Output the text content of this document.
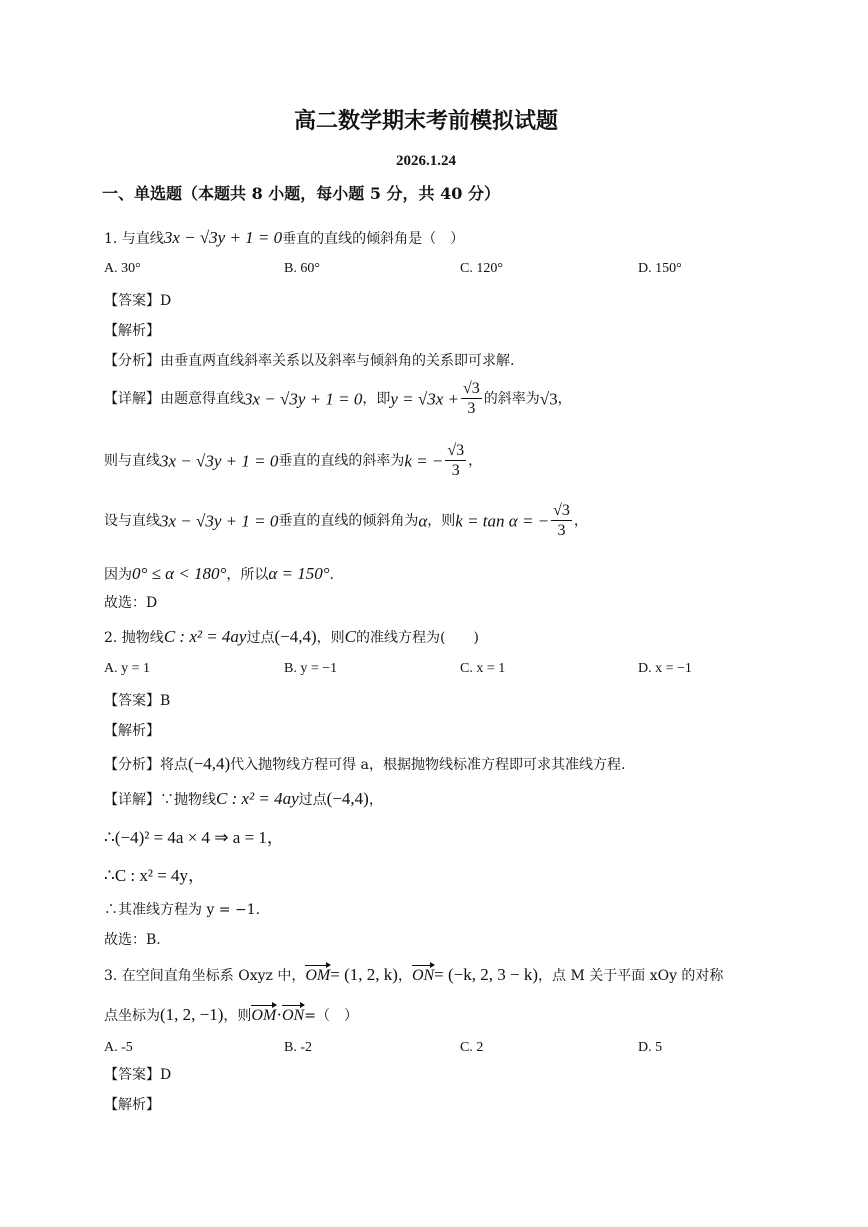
高二数学期末考前模拟试题
2026.1.24
一、单选题（本题共 8 小题，每小题 5 分，共 40 分）
1. 与直线3x − √3y + 1 = 0垂直的直线的倾斜角是（　）
A. 30°	B. 60°	C. 120°	D. 150°
【答案】D
【解析】
【分析】由垂直两直线斜率关系以及斜率与倾斜角的关系即可求解.
【详解】由题意得直线3x − √3y + 1 = 0，即$y = √3x + \frac{√3}{3}$ 的斜率为√3，
则与直线3x − √3y + 1 = 0垂直的直线的斜率为k = − $\frac{√3}{3}$ ，
设与直线3x − √3y + 1 = 0垂直的直线的倾斜角为α，则k = tan α = − $\frac{√3}{3}$ ，
因为0° ≤ α < 180°，所以α = 150°.
故选：D
2. 抛物线C : x² = 4ay过点(−4,4)，则C的准线方程为(　　)
A. y = 1	B. y = −1	C. x = 1	D. x = −1
【答案】B
【解析】
【分析】将点(−4,4)代入抛物线方程可得 a，根据抛物线标准方程即可求其准线方程.
【详解】∵抛物线C : x² = 4ay过点(−4,4)，
∴(−4)² = 4a × 4 ⇒ a = 1，
∴C : x² = 4y，
∴其准线方程为 y = −1.
故选：B.
3. 在空间直角坐标系 Oxyz 中，OM= (1, 2, k)，ON= (−k, 2, 3 − k)，点 M 关于平面 xOy 的对称
点坐标为(1, 2, −1)，则OM·ON=（　）
A. -5	B. -2	C. 2	D. 5
【答案】D
【解析】
